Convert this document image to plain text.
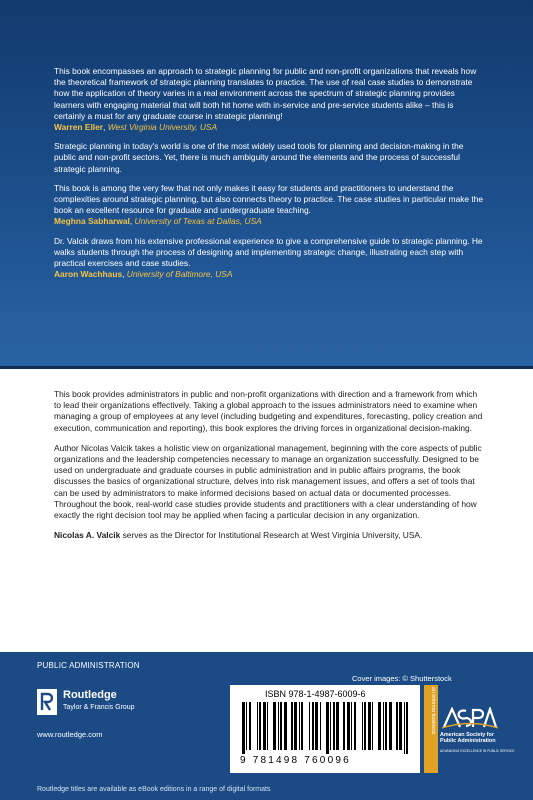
This book encompasses an approach to strategic planning for public and non-profit organizations that reveals how the theoretical framework of strategic planning translates to practice. The use of real case studies to demonstrate how the application of theory varies in a real environment across the spectrum of strategic planning provides learners with engaging material that will both hit home with in-service and pre-service students alike – this is certainly a must for any graduate course in strategic planning!
Warren Eller, West Virginia University, USA

Strategic planning in today's world is one of the most widely used tools for planning and decision-making in the public and non-profit sectors. Yet, there is much ambiguity around the elements and the process of successful strategic planning.

This book is among the very few that not only makes it easy for students and practitioners to understand the complexities around strategic planning, but also connects theory to practice. The case studies in particular make the book an excellent resource for graduate and undergraduate teaching.
Meghna Sabharwal, University of Texas at Dallas, USA

Dr. Valcik draws from his extensive professional experience to give a comprehensive guide to strategic planning. He walks students through the process of designing and implementing strategic change, illustrating each step with practical exercises and case studies.
Aaron Wachhaus, University of Baltimore, USA

This book provides administrators in public and non-profit organizations with direction and a framework from which to lead their organizations effectively. Taking a global approach to the issues administrators need to examine when managing a group of employees at any level (including budgeting and expenditures, forecasting, policy creation and execution, communication and reporting), this book explores the driving forces in organizational decision-making.

Author Nicolas Valcik takes a holistic view on organizational management, beginning with the core aspects of public organizations and the leadership competencies necessary to manage an organization successfully. Designed to be used on undergraduate and graduate courses in public administration and in public affairs programs, the book discusses the basics of organizational structure, delves into risk management issues, and offers a set of tools that can be used by administrators to make informed decisions based on actual data or documented processes. Throughout the book, real-world case studies provide students and practitioners with a clear understanding of how exactly the right decision tool may be applied when facing a particular decision in any organization.

Nicolas A. Valcik serves as the Director for Institutional Research at West Virginia University, USA.

PUBLIC ADMINISTRATION
Cover images: © Shutterstock
Routledge
Taylor & Francis Group
www.routledge.com
ISBN 978-1-4987-6009-6
9 781498 760096
an informa business
American Society for
Public Administration
ADVANCING EXCELLENCE IN PUBLIC SERVICE
Routledge titles are available as eBook editions in a range of digital formats
